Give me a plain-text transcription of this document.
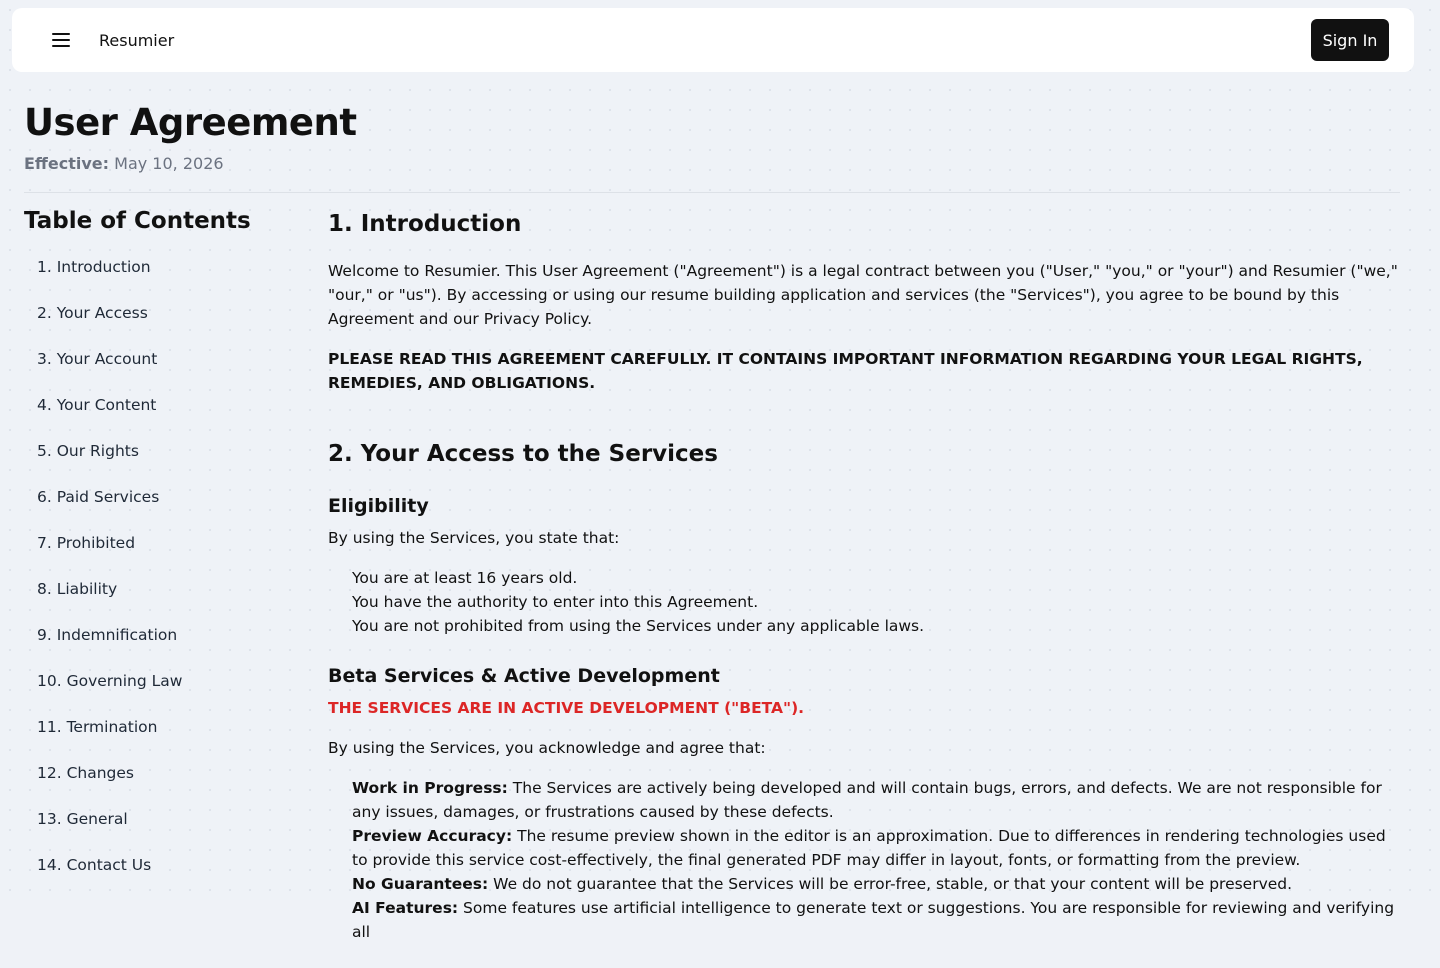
Resumier	Sign In
User Agreement
Effective: May 10, 2026
Table of Contents
1. Introduction
2. Your Access
3. Your Account
4. Your Content
5. Our Rights
6. Paid Services
7. Prohibited
8. Liability
9. Indemnification
10. Governing Law
11. Termination
12. Changes
13. General
14. Contact Us
1. Introduction

Welcome to Resumier. This User Agreement ("Agreement") is a legal contract between you ("User," "you," or "your") and Resumier ("we," "our," or "us"). By accessing or using our resume building application and services (the "Services"), you agree to be bound by this Agreement and our Privacy Policy.

PLEASE READ THIS AGREEMENT CAREFULLY. IT CONTAINS IMPORTANT INFORMATION REGARDING YOUR LEGAL RIGHTS, REMEDIES, AND OBLIGATIONS.

2. Your Access to the Services
Eligibility

By using the Services, you state that:

You are at least 16 years old.
You have the authority to enter into this Agreement.
You are not prohibited from using the Services under any applicable laws.
Beta Services & Active Development

THE SERVICES ARE IN ACTIVE DEVELOPMENT ("BETA").

By using the Services, you acknowledge and agree that:

Work in Progress: The Services are actively being developed and will contain bugs, errors, and defects. We are not responsible for any issues, damages, or frustrations caused by these defects.
Preview Accuracy: The resume preview shown in the editor is an approximation. Due to differences in rendering technologies used to provide this service cost-effectively, the final generated PDF may differ in layout, fonts, or formatting from the preview.
No Guarantees: We do not guarantee that the Services will be error-free, stable, or that your content will be preserved.
AI Features: Some features use artificial intelligence to generate text or suggestions. You are responsible for reviewing and verifying all
